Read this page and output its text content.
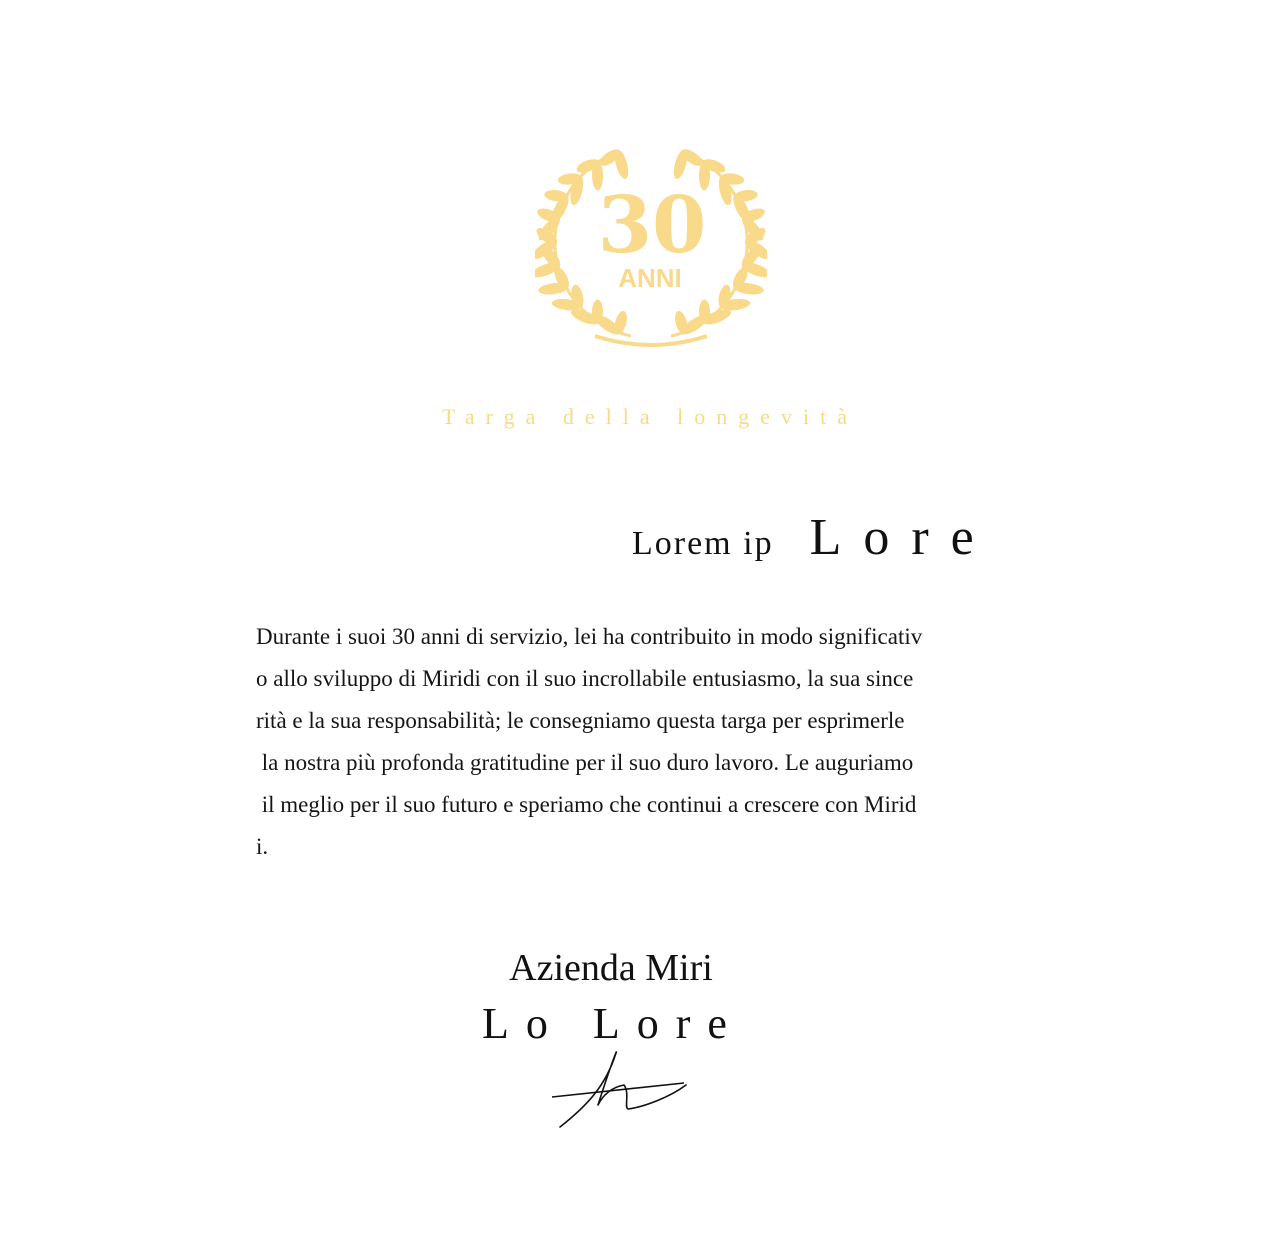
30
ANNI
Targa della longevità
Lorem ip Lore
Durante i suoi 30 anni di servizio, lei ha contribuito in modo significativ
o allo sviluppo di Miridi con il suo incrollabile entusiasmo, la sua since
rità e la sua responsabilità; le consegniamo questa targa per esprimerle
la nostra più profonda gratitudine per il suo duro lavoro. Le auguriamo
il meglio per il suo futuro e speriamo che continui a crescere con Mirid
i.
Azienda Miri
Lo Lore
